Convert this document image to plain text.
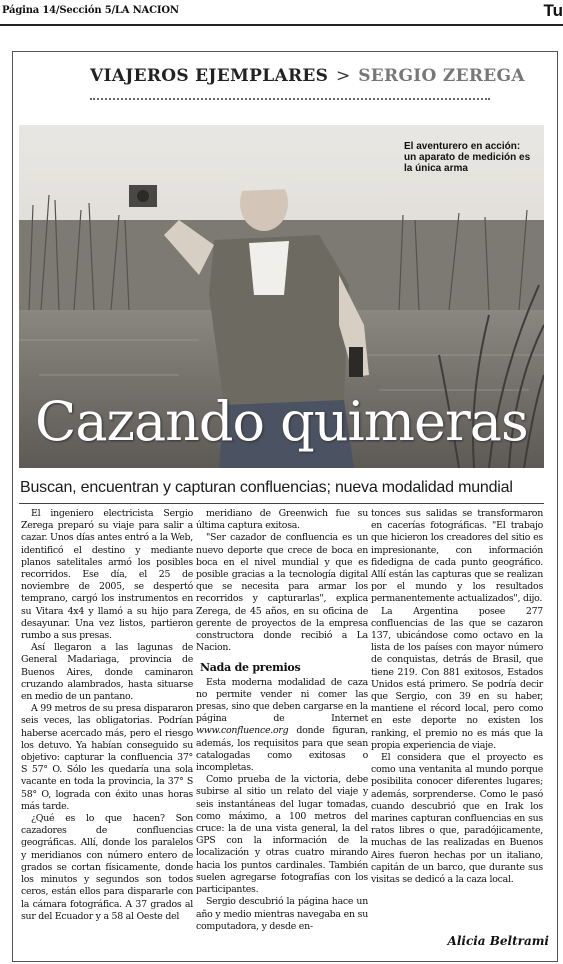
Página 14/Sección 5/LA NACION	Tu
VIAJEROS EJEMPLARES > SERGIO ZEREGA
El aventurero en acción: un aparato de medición es la única arma
Cazando quimeras
Buscan, encuentran y capturan confluencias; nueva modalidad mundial

El ingeniero electricista Sergio Zerega preparó su viaje para salir a cazar. Unos días antes entró a la Web, identificó el destino y mediante planos satelitales armó los posibles recorridos. Ese día, el 25 de noviembre de 2005, se despertó temprano, cargó los instrumentos en su Vitara 4x4 y llamó a su hijo para desayunar. Una vez listos, partieron rumbo a sus presas.

Así llegaron a las lagunas de General Madariaga, provincia de Buenos Aires, donde caminaron cruzando alambrados, hasta situarse en medio de un pantano.

A 99 metros de su presa dispararon seis veces, las obligatorias. Podrían haberse acercado más, pero el riesgo los detuvo. Ya habían conseguido su objetivo: capturar la confluencia 37° S 57° O. Sólo les quedaría una sola vacante en toda la provincia, la 37° S 58° O, lograda con éxito unas horas más tarde.

¿Qué es lo que hacen? Son cazadores de confluencias geográficas. Allí, donde los paralelos y meridianos con número entero de grados se cortan físicamente, donde los minutos y segundos son todos ceros, están ellos para dispararle con la cámara fotográfica. A 37 grados al sur del Ecuador y a 58 al Oeste del

meridiano de Greenwich fue su última captura exitosa.

"Ser cazador de confluencia es un nuevo deporte que crece de boca en boca en el nivel mundial y que es posible gracias a la tecnología digital que se necesita para armar los recorridos y capturarlas", explica Zerega, de 45 años, en su oficina de gerente de proyectos de la empresa constructora donde recibió a La Nacion.

Nada de premios

Esta moderna modalidad de caza no permite vender ni comer las presas, sino que deben cargarse en la página de Internet www.confluence.org donde figuran, además, los requisitos para que sean catalogadas como exitosas o incompletas.

Como prueba de la victoria, debe subirse al sitio un relato del viaje y seis instantáneas del lugar tomadas, como máximo, a 100 metros del cruce: la de una vista general, la del GPS con la información de la localización y otras cuatro mirando hacia los puntos cardinales. También suelen agregarse fotografías con los participantes.

Sergio descubrió la página hace un año y medio mientras navegaba en su computadora, y desde en-

tonces sus salidas se transformaron en cacerías fotográficas. "El trabajo que hicieron los creadores del sitio es impresionante, con información fidedigna de cada punto geográfico. Allí están las capturas que se realizan por el mundo y los resultados permanentemente actualizados", dijo.

La Argentina posee 277 confluencias de las que se cazaron 137, ubicándose como octavo en la lista de los países con mayor número de conquistas, detrás de Brasil, que tiene 219. Con 881 exitosos, Estados Unidos está primero. Se podría decir que Sergio, con 39 en su haber, mantiene el récord local, pero como en este deporte no existen los ranking, el premio no es más que la propia experiencia de viaje.

El considera que el proyecto es como una ventanita al mundo porque posibilita conocer diferentes lugares; además, sorprenderse. Como le pasó cuando descubrió que en Irak los marines capturan confluencias en sus ratos libres o que, paradójicamente, muchas de las realizadas en Buenos Aires fueron hechas por un italiano, capitán de un barco, que durante sus visitas se dedicó a la caza local.

Alicia Beltrami
